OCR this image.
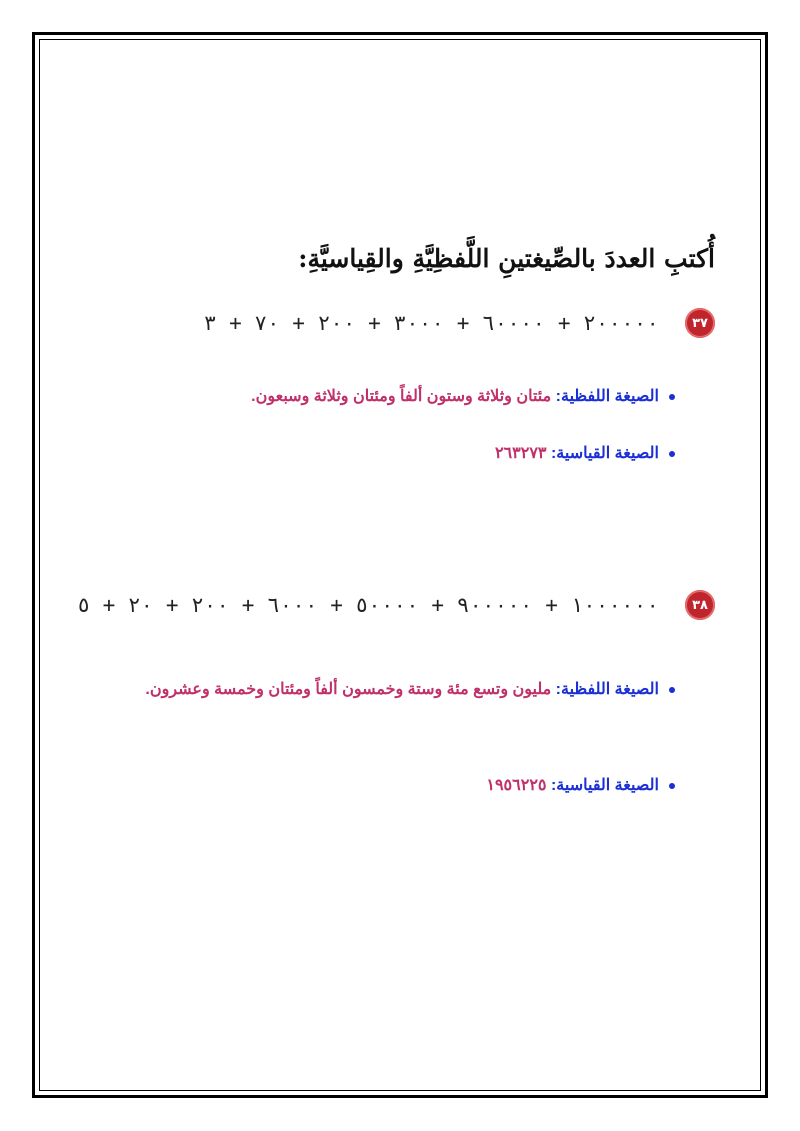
أُكتبِ العددَ بالصِّيغتينِ اللَّفظِيَّةِ والقِياسيَّةِ:
٣٧
٢٠٠٠٠٠ + ٦٠٠٠٠ + ٣٠٠٠ + ٢٠٠ + ٧٠ + ٣
الصيغة اللفظية: مئتان وثلاثة وستون ألفاً ومئتان وثلاثة وسبعون.
الصيغة القياسية: ٢٦٣٢٧٣
٣٨
١٠٠٠٠٠٠ + ٩٠٠٠٠٠ + ٥٠٠٠٠ + ٦٠٠٠ + ٢٠٠ + ٢٠ + ٥
الصيغة اللفظية: مليون وتسع مئة وستة وخمسون ألفاً ومئتان وخمسة وعشرون.
الصيغة القياسية: ١٩٥٦٢٢٥
